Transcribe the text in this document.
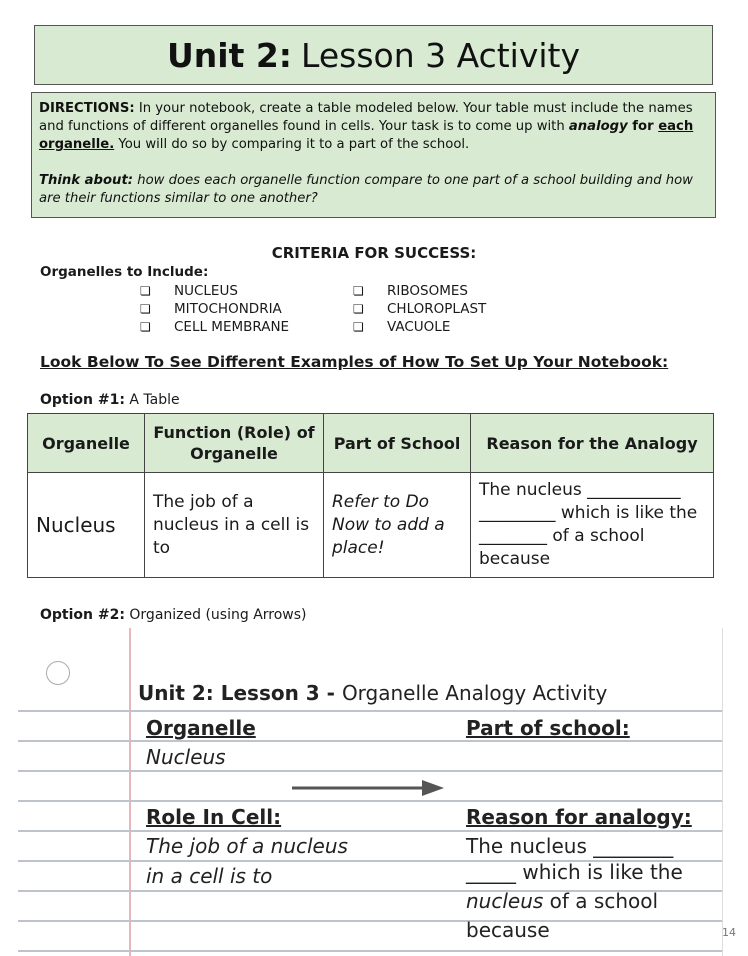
Unit 2: Lesson 3 Activity

DIRECTIONS: In your notebook, create a table modeled below. Your table must include the names and functions of different organelles found in cells. Your task is to come up with analogy for each organelle. You will do so by comparing it to a part of the school.

Think about: how does each organelle function compare to one part of a school building and how are their functions similar to one another?

CRITERIA FOR SUCCESS:
Organelles to Include:
❏	NUCLEUS
❏	MITOCHONDRIA
❏	CELL MEMBRANE
❏	RIBOSOMES
❏	CHLOROPLAST
❏	VACUOLE
Look Below To See Different Examples of How To Set Up Your Notebook:
Option #1: A Table
Organelle	Function (Role) of Organelle	Part of School	Reason for the Analogy
Nucleus	The job of a nucleus in a cell is to	Refer to Do Now to add a place!	The nucleus ___________ _________ which is like the ________ of a school because
Option #2: Organized (using Arrows)
Unit 2: Lesson 3 - Organelle Analogy Activity
Organelle	Part of school:
Nucleus
Role In Cell:	Reason for analogy:
The job of a nucleus
in a cell is to
The nucleus ________
_____ which is like the
nucleus of a school
because	14
